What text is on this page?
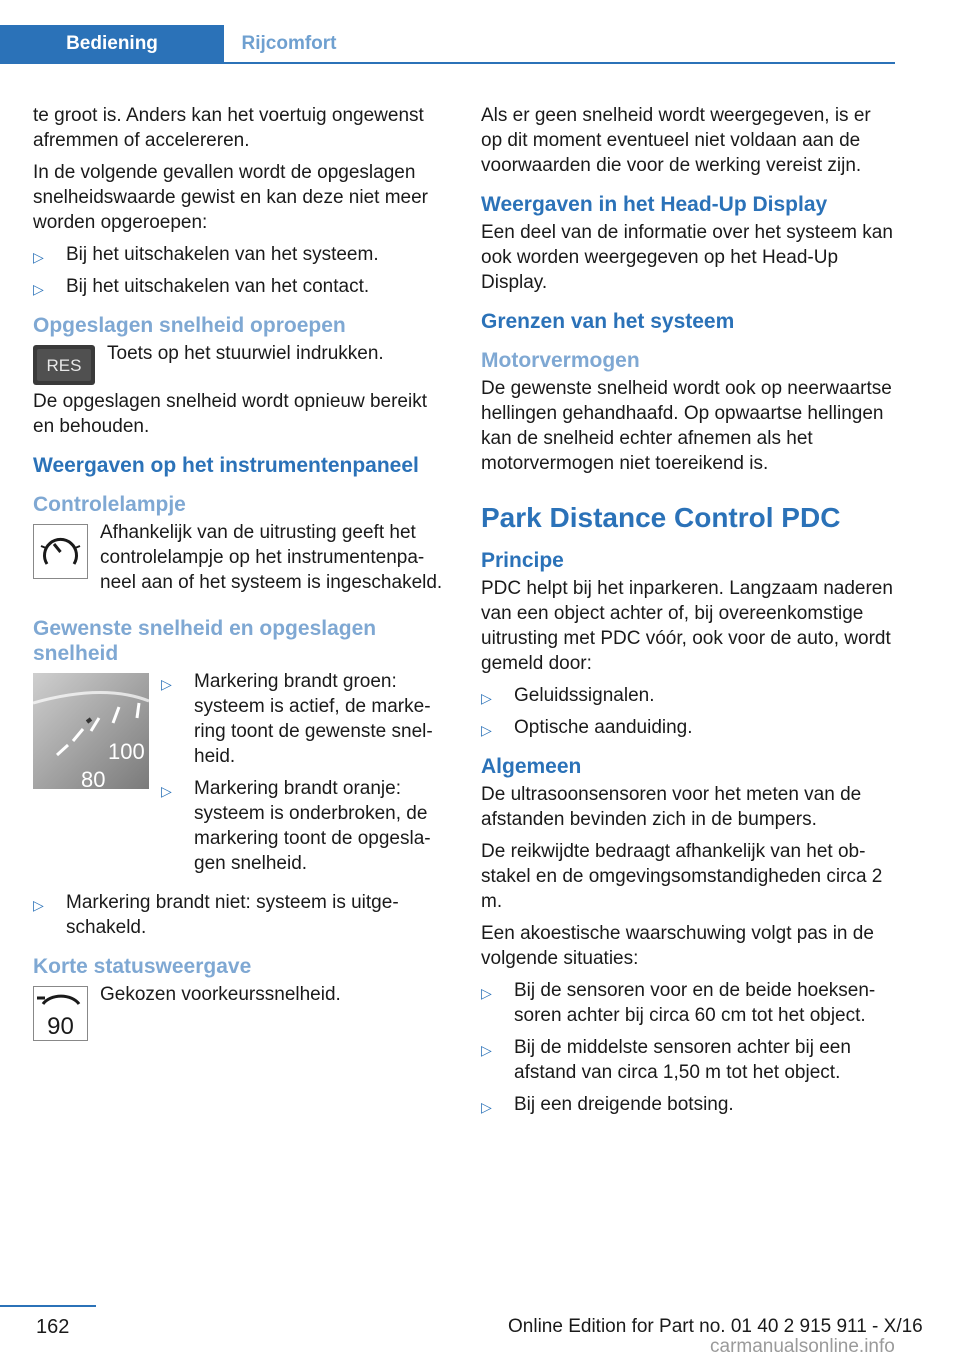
Bediening	Rijcomfort

te groot is. Anders kan het voertuig ongewenst afremmen of accelereren.

In de volgende gevallen wordt de opgeslagen snelheidswaarde gewist en kan deze niet meer worden opgeroepen:

▷ Bij het uitschakelen van het systeem.
▷ Bij het uitschakelen van het contact.
Opgeslagen snelheid oproepen
RES

Toets op het stuurwiel indrukken.

De opgeslagen snelheid wordt opnieuw bereikt en behouden.

Weergaven op het instrumentenpaneel
Controlelampje

Afhankelijk van de uitrusting geeft het controlelampje op het instrumentenpaneel aan of het systeem is ingeschakeld.

Gewenste snelheid en opgeslagen snelheid
100
80
▷ Markering brandt groen: systeem is actief, de markering toont de gewenste snelheid.
▷ Markering brandt oranje: systeem is onderbroken, de markering toont de opgeslagen snelheid.
▷ Markering brandt niet: systeem is uitgeschakeld.
Korte statusweergave
90

Gekozen voorkeurssnelheid.

Als er geen snelheid wordt weergegeven, is er op dit moment eventueel niet voldaan aan de voorwaarden die voor de werking vereist zijn.

Weergaven in het Head-Up Display

Een deel van de informatie over het systeem kan ook worden weergegeven op het Head-Up Display.

Grenzen van het systeem
Motorvermogen

De gewenste snelheid wordt ook op neerwaartse hellingen gehandhaafd. Op opwaartse hellingen kan de snelheid echter afnemen als het motorvermogen niet toereikend is.

Park Distance Control PDC
Principe

PDC helpt bij het inparkeren. Langzaam naderen van een object achter of, bij overeenkomstige uitrusting met PDC vóór, ook voor de auto, wordt gemeld door:

▷ Geluidssignalen.
▷ Optische aanduiding.
Algemeen

De ultrasoonsensoren voor het meten van de afstanden bevinden zich in de bumpers.

De reikwijdte bedraagt afhankelijk van het obstakel en de omgevingsomstandigheden circa 2 m.

Een akoestische waarschuwing volgt pas in de volgende situaties:

▷ Bij de sensoren voor en de beide hoeksensoren achter bij circa 60 cm tot het object.
▷ Bij de middelste sensoren achter bij een afstand van circa 1,50 m tot het object.
▷ Bij een dreigende botsing.
162	Online Edition for Part no. 01 40 2 915 911 - X/16
carmanualsonline.info
